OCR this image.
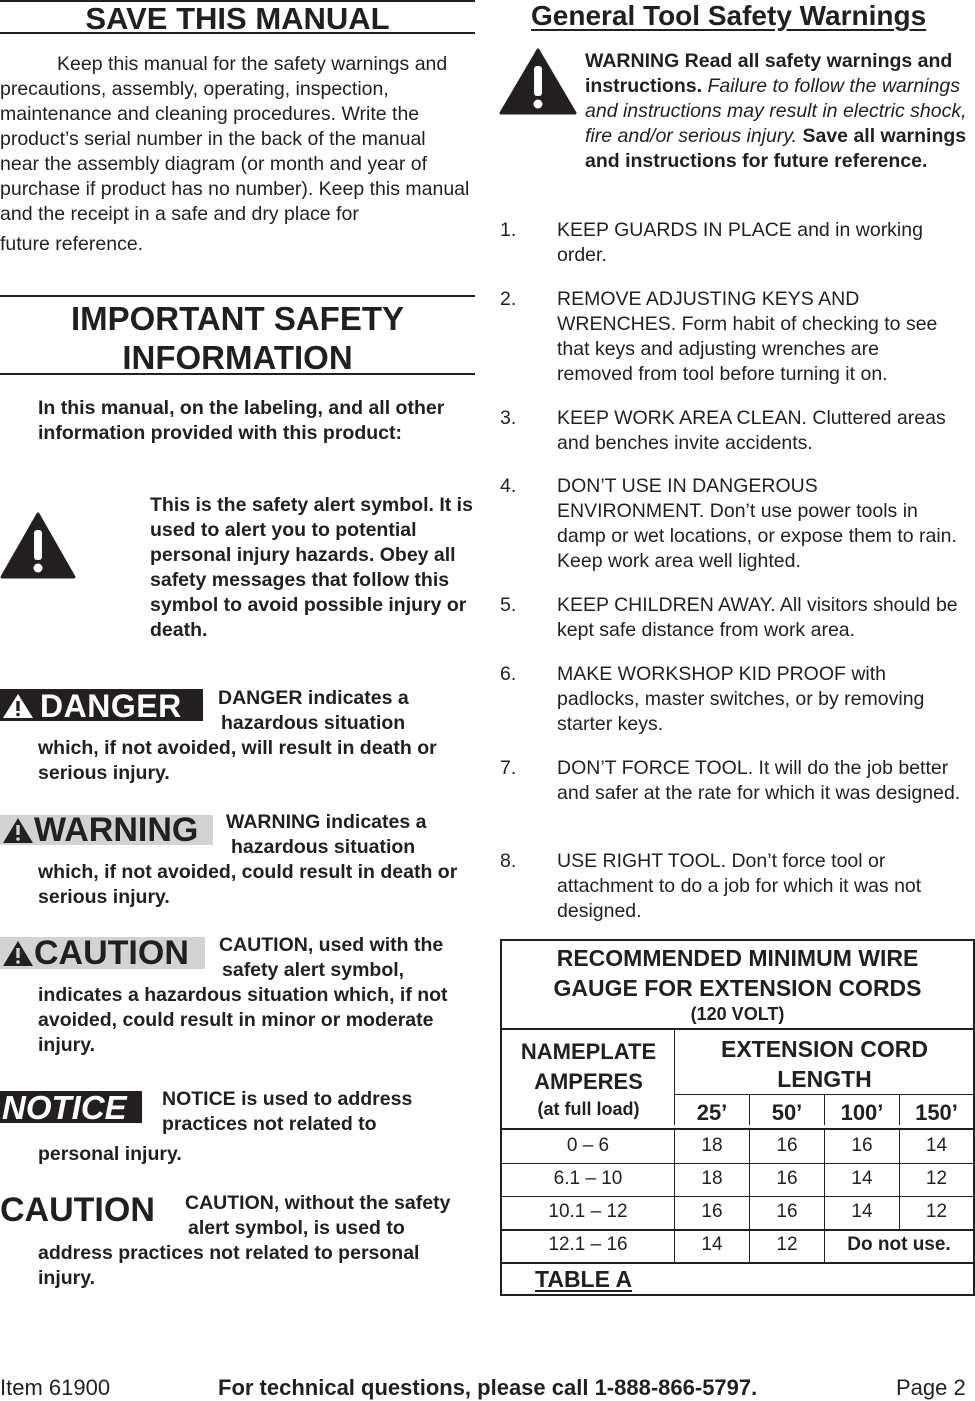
SAVE THIS MANUAL
Keep this manual for the safety warnings and precautions, assembly, operating, inspection, maintenance and cleaning procedures. Write the product’s serial number in the back of the manual near the assembly diagram (or month and year of purchase if product has no number). Keep this manual and the receipt in a safe and dry place for
future reference.
IMPORTANT SAFETY
INFORMATION
In this manual, on the labeling, and all other information provided with this product:
This is the safety alert symbol. It is used to alert you to potential personal injury hazards. Obey all safety messages that follow this symbol to avoid possible injury or death.
DANGER DANGER indicates a
hazardous situation
which, if not avoided, will result in death or serious injury.
WARNING WARNING indicates a
hazardous situation
which, if not avoided, could result in death or serious injury.
CAUTION CAUTION, used with the
safety alert symbol,
indicates a hazardous situation which, if not avoided, could result in minor or moderate injury.
NOTICE NOTICE is used to address
practices not related to
personal injury.
CAUTION	CAUTION, without the safety
alert symbol, is used to
address practices not related to personal injury.
General Tool Safety Warnings
WARNING Read all safety warnings and instructions. Failure to follow the warnings and instructions may result in electric shock, fire and/or serious injury. Save all warnings and instructions for future reference.
1. KEEP GUARDS IN PLACE and in working order.
2. REMOVE ADJUSTING KEYS AND WRENCHES. Form habit of checking to see that keys and adjusting wrenches are removed from tool before turning it on.
3. KEEP WORK AREA CLEAN. Cluttered areas and benches invite accidents.
4. DON’T USE IN DANGEROUS ENVIRONMENT. Don’t use power tools in damp or wet locations, or expose them to rain. Keep work area well lighted.
5. KEEP CHILDREN AWAY. All visitors should be kept safe distance from work area.
6. MAKE WORKSHOP KID PROOF with padlocks, master switches, or by removing starter keys.
7. DON’T FORCE TOOL. It will do the job better and safer at the rate for which it was designed.
8. USE RIGHT TOOL. Don’t force tool or attachment to do a job for which it was not designed.
RECOMMENDED MINIMUM WIRE
GAUGE FOR EXTENSION CORDS
(120 VOLT)
NAMEPLATE
AMPERES
(at full load)
EXTENSION CORD
LENGTH
25’	50’	100’	150’
0 – 6	18	16	16	14
6.1 – 10	18	16	14	12
10.1 – 12	16	16	14	12
12.1 – 16	14	12	Do not use.
TABLE A
Item 61900	For technical questions, please call 1-888-866-5797.	Page 2
